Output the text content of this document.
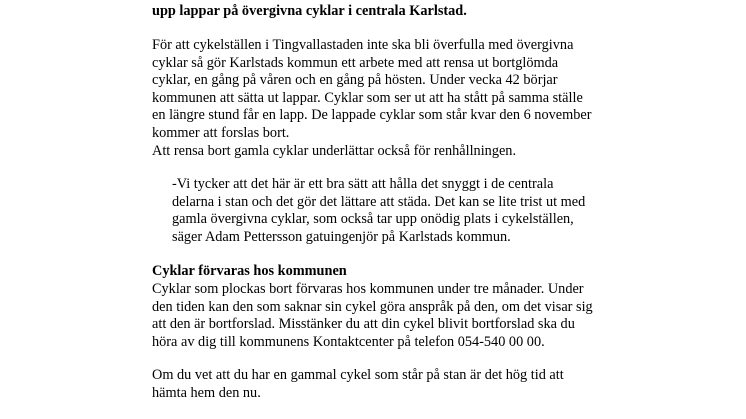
upp lappar på övergivna cyklar i centrala Karlstad.
För att cykelställen i Tingvallastaden inte ska bli överfulla med övergivna
cyklar så gör Karlstads kommun ett arbete med att rensa ut bortglömda
cyklar, en gång på våren och en gång på hösten. Under vecka 42 börjar
kommunen att sätta ut lappar. Cyklar som ser ut att ha stått på samma ställe
en längre stund får en lapp. De lappade cyklar som står kvar den 6 november
kommer att forslas bort.
Att rensa bort gamla cyklar underlättar också för renhållningen.
-Vi tycker att det här är ett bra sätt att hålla det snyggt i de centrala
delarna i stan och det gör det lättare att städa. Det kan se lite trist ut med
gamla övergivna cyklar, som också tar upp onödig plats i cykelställen,
säger Adam Pettersson gatuingenjör på Karlstads kommun.
Cyklar förvaras hos kommunen
Cyklar som plockas bort förvaras hos kommunen under tre månader. Under
den tiden kan den som saknar sin cykel göra anspråk på den, om det visar sig
att den är bortforslad. Misstänker du att din cykel blivit bortforslad ska du
höra av dig till kommunens Kontaktcenter på telefon 054-540 00 00.
Om du vet att du har en gammal cykel som står på stan är det hög tid att
hämta hem den nu.
